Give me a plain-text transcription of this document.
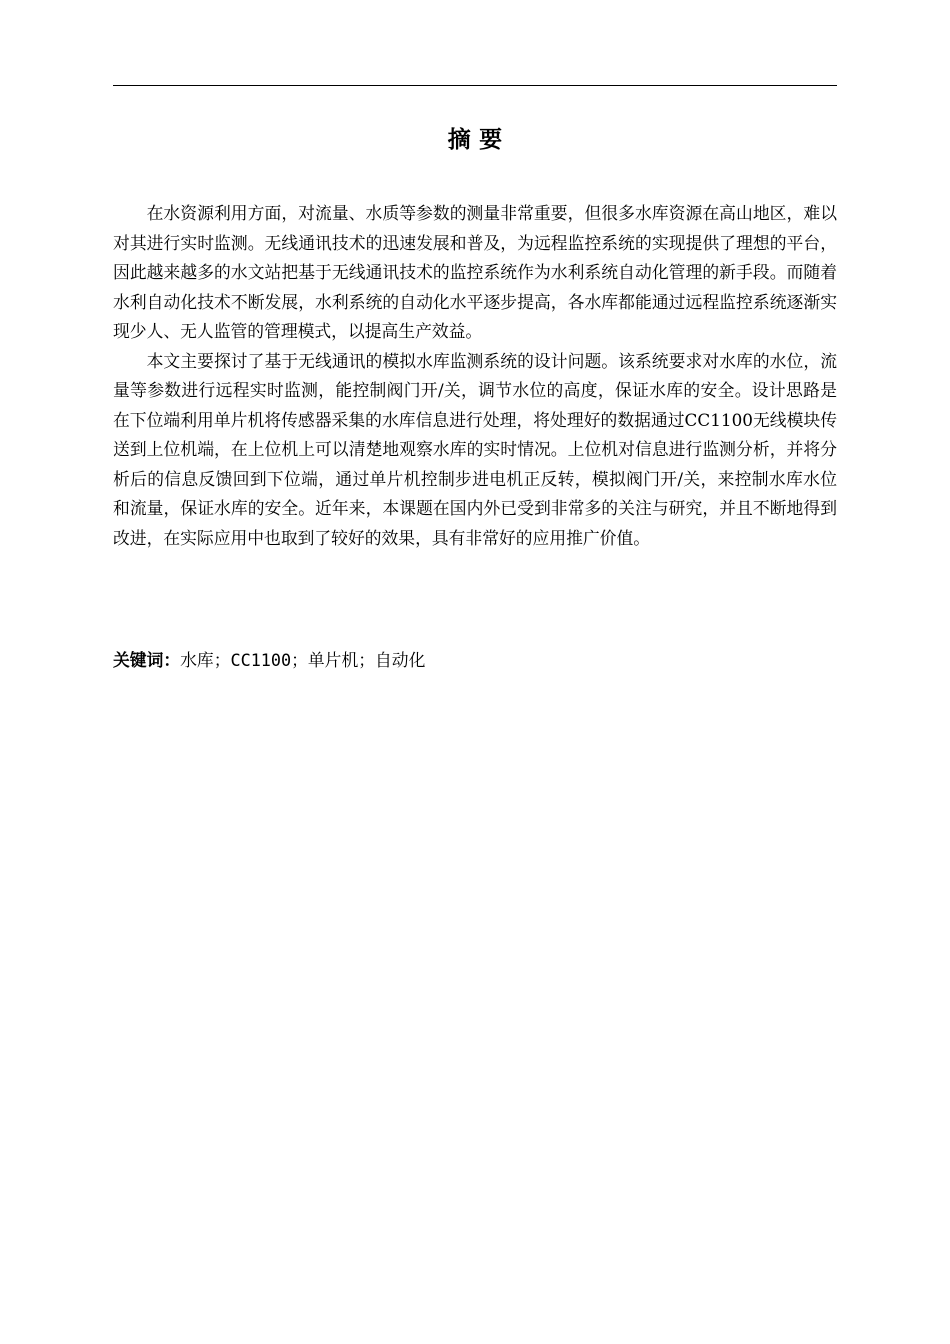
摘 要

在水资源利用方面，对流量、水质等参数的测量非常重要，但很多水库资源在高山地区，难以对其进行实时监测。无线通讯技术的迅速发展和普及，为远程监控系统的实现提供了理想的平台，因此越来越多的水文站把基于无线通讯技术的监控系统作为水利系统自动化管理的新手段。而随着水利自动化技术不断发展，水利系统的自动化水平逐步提高，各水库都能通过远程监控系统逐渐实现少人、无人监管的管理模式，以提高生产效益。

本文主要探讨了基于无线通讯的模拟水库监测系统的设计问题。该系统要求对水库的水位，流量等参数进行远程实时监测，能控制阀门开/关，调节水位的高度，保证水库的安全。设计思路是在下位端利用单片机将传感器采集的水库信息进行处理，将处理好的数据通过CC1100无线模块传送到上位机端，在上位机上可以清楚地观察水库的实时情况。上位机对信息进行监测分析，并将分析后的信息反馈回到下位端，通过单片机控制步进电机正反转，模拟阀门开/关，来控制水库水位和流量，保证水库的安全。近年来，本课题在国内外已受到非常多的关注与研究，并且不断地得到改进，在实际应用中也取到了较好的效果，具有非常好的应用推广价值。

关键词：水库；CC1100；单片机；自动化
